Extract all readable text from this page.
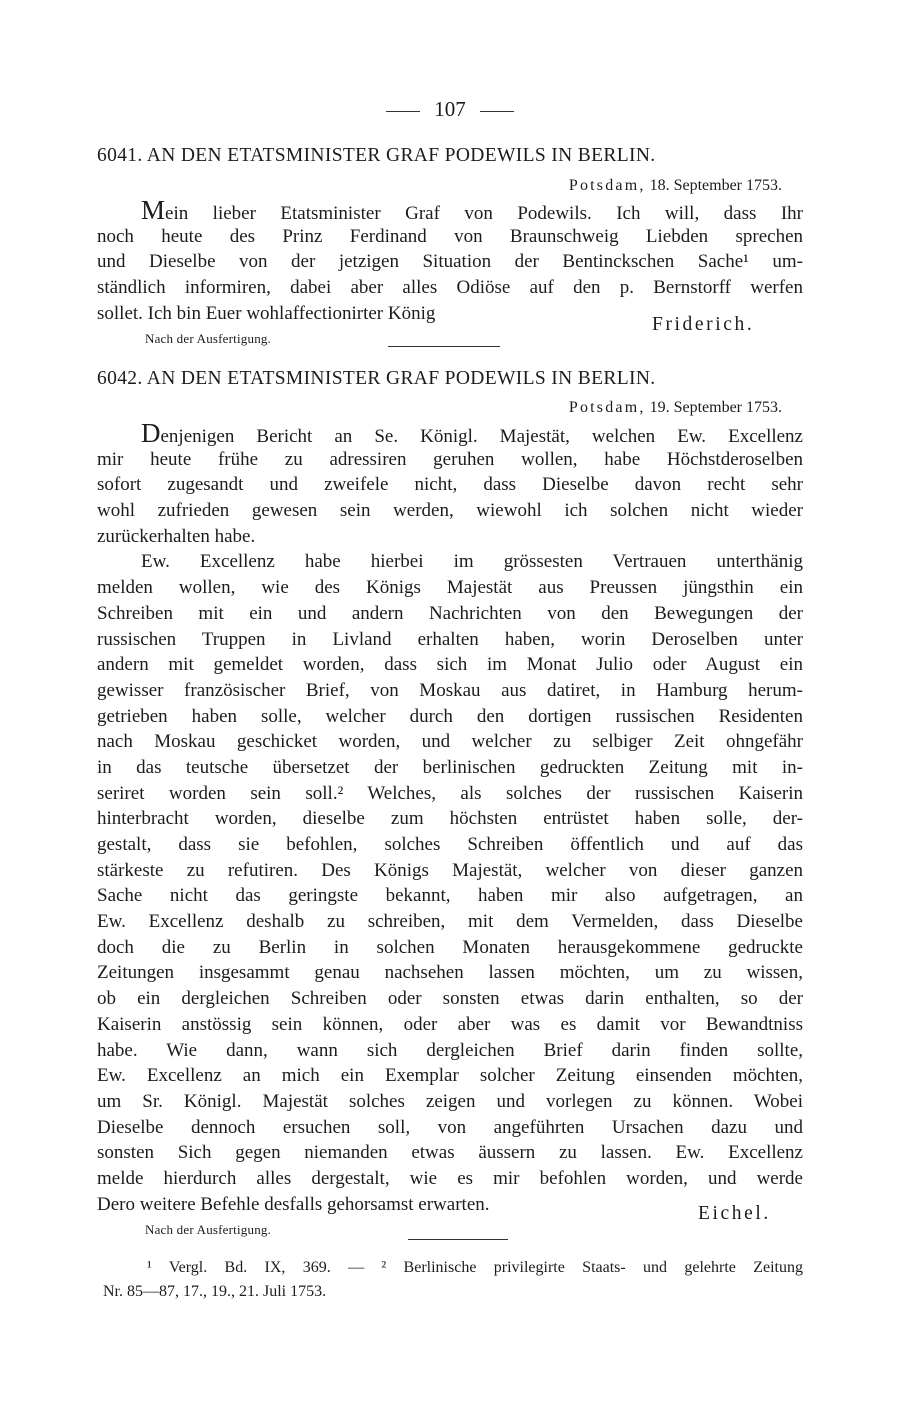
107
6041. AN DEN ETATSMINISTER GRAF PODEWILS IN BERLIN.
Potsdam, 18. September 1753.
Mein lieber Etatsminister Graf von Podewils. Ich will, dass Ihr
noch heute des Prinz Ferdinand von Braunschweig Liebden sprechen
und Dieselbe von der jetzigen Situation der Bentinckschen Sache¹ um-
ständlich informiren, dabei aber alles Odiöse auf den p. Bernstorff werfen
sollet. Ich bin Euer wohlaffectionirter König
Friderich.
Nach der Ausfertigung.
6042. AN DEN ETATSMINISTER GRAF PODEWILS IN BERLIN.
Potsdam, 19. September 1753.
Denjenigen Bericht an Se. Königl. Majestät, welchen Ew. Excellenz
mir heute frühe zu adressiren geruhen wollen, habe Höchstderoselben
sofort zugesandt und zweifele nicht, dass Dieselbe davon recht sehr
wohl zufrieden gewesen sein werden, wiewohl ich solchen nicht wieder
zurückerhalten habe.
Ew. Excellenz habe hierbei im grössesten Vertrauen unterthänig
melden wollen, wie des Königs Majestät aus Preussen jüngsthin ein
Schreiben mit ein und andern Nachrichten von den Bewegungen der
russischen Truppen in Livland erhalten haben, worin Deroselben unter
andern mit gemeldet worden, dass sich im Monat Julio oder August ein
gewisser französischer Brief, von Moskau aus datiret, in Hamburg herum-
getrieben haben solle, welcher durch den dortigen russischen Residenten
nach Moskau geschicket worden, und welcher zu selbiger Zeit ohngefähr
in das teutsche übersetzet der berlinischen gedruckten Zeitung mit in-
seriret worden sein soll.² Welches, als solches der russischen Kaiserin
hinterbracht worden, dieselbe zum höchsten entrüstet haben solle, der-
gestalt, dass sie befohlen, solches Schreiben öffentlich und auf das
stärkeste zu refutiren. Des Königs Majestät, welcher von dieser ganzen
Sache nicht das geringste bekannt, haben mir also aufgetragen, an
Ew. Excellenz deshalb zu schreiben, mit dem Vermelden, dass Dieselbe
doch die zu Berlin in solchen Monaten herausgekommene gedruckte
Zeitungen insgesammt genau nachsehen lassen möchten, um zu wissen,
ob ein dergleichen Schreiben oder sonsten etwas darin enthalten, so der
Kaiserin anstössig sein können, oder aber was es damit vor Bewandtniss
habe. Wie dann, wann sich dergleichen Brief darin finden sollte,
Ew. Excellenz an mich ein Exemplar solcher Zeitung einsenden möchten,
um Sr. Königl. Majestät solches zeigen und vorlegen zu können. Wobei
Dieselbe dennoch ersuchen soll, von angeführten Ursachen dazu und
sonsten Sich gegen niemanden etwas äussern zu lassen. Ew. Excellenz
melde hierdurch alles dergestalt, wie es mir befohlen worden, und werde
Dero weitere Befehle desfalls gehorsamst erwarten.	Eichel.
Nach der Ausfertigung.
¹ Vergl. Bd. IX, 369. — ² Berlinische privilegirte Staats- und gelehrte Zeitung
Nr. 85—87, 17., 19., 21. Juli 1753.
